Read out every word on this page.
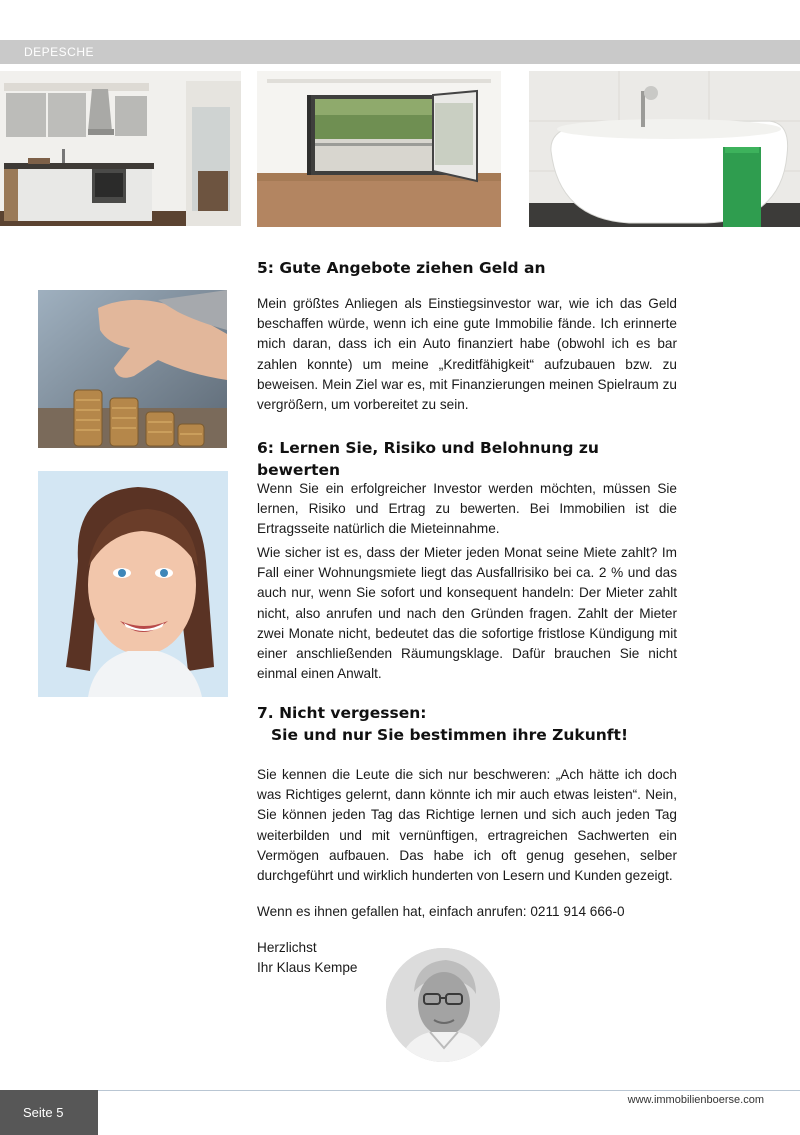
DEPESCHE
5: Gute Angebote ziehen Geld an

Mein größtes Anliegen als Einstiegsinvestor war, wie ich das Geld beschaffen würde, wenn ich eine gute Immobilie fände. Ich erinnerte mich daran, dass ich ein Auto finanziert habe (obwohl ich es bar zahlen konnte) um meine „Kreditfähigkeit“ aufzubauen bzw. zu beweisen. Mein Ziel war es, mit Finanzierungen meinen Spielraum zu vergrößern, um vorbereitet zu sein.

6: Lernen Sie, Risiko und Belohnung zu bewerten

Wenn Sie ein erfolgreicher Investor werden möchten, müssen Sie lernen, Risiko und Ertrag zu bewerten. Bei Immobilien ist die Ertragsseite natürlich die Mieteinnahme.

Wie sicher ist es, dass der Mieter jeden Monat seine Miete zahlt? Im Fall einer Wohnungsmiete liegt das Ausfallrisiko bei ca. 2 % und das auch nur, wenn Sie sofort und konsequent handeln: Der Mieter zahlt nicht, also anrufen und nach den Gründen fragen. Zahlt der Mieter zwei Monate nicht, bedeutet das die sofortige fristlose Kündigung mit einer anschließenden Räumungsklage. Dafür brauchen Sie nicht einmal einen Anwalt.

7. Nicht vergessen:
Sie und nur Sie bestimmen ihre Zukunft!

Sie kennen die Leute die sich nur beschweren: „Ach hätte ich doch was Richtiges gelernt, dann könnte ich mir auch etwas leisten“. Nein, Sie können jeden Tag das Richtige lernen und sich auch jeden Tag weiterbilden und mit vernünftigen, ertragreichen Sachwerten ein Vermögen aufbauen. Das habe ich oft genug gesehen, selber durchgeführt und wirklich hunderten von Lesern und Kunden gezeigt.

Wenn es ihnen gefallen hat, einfach anrufen: 0211 914 666-0

Herzlichst

Ihr Klaus Kempe

Seite 5
www.immobilienboerse.com
